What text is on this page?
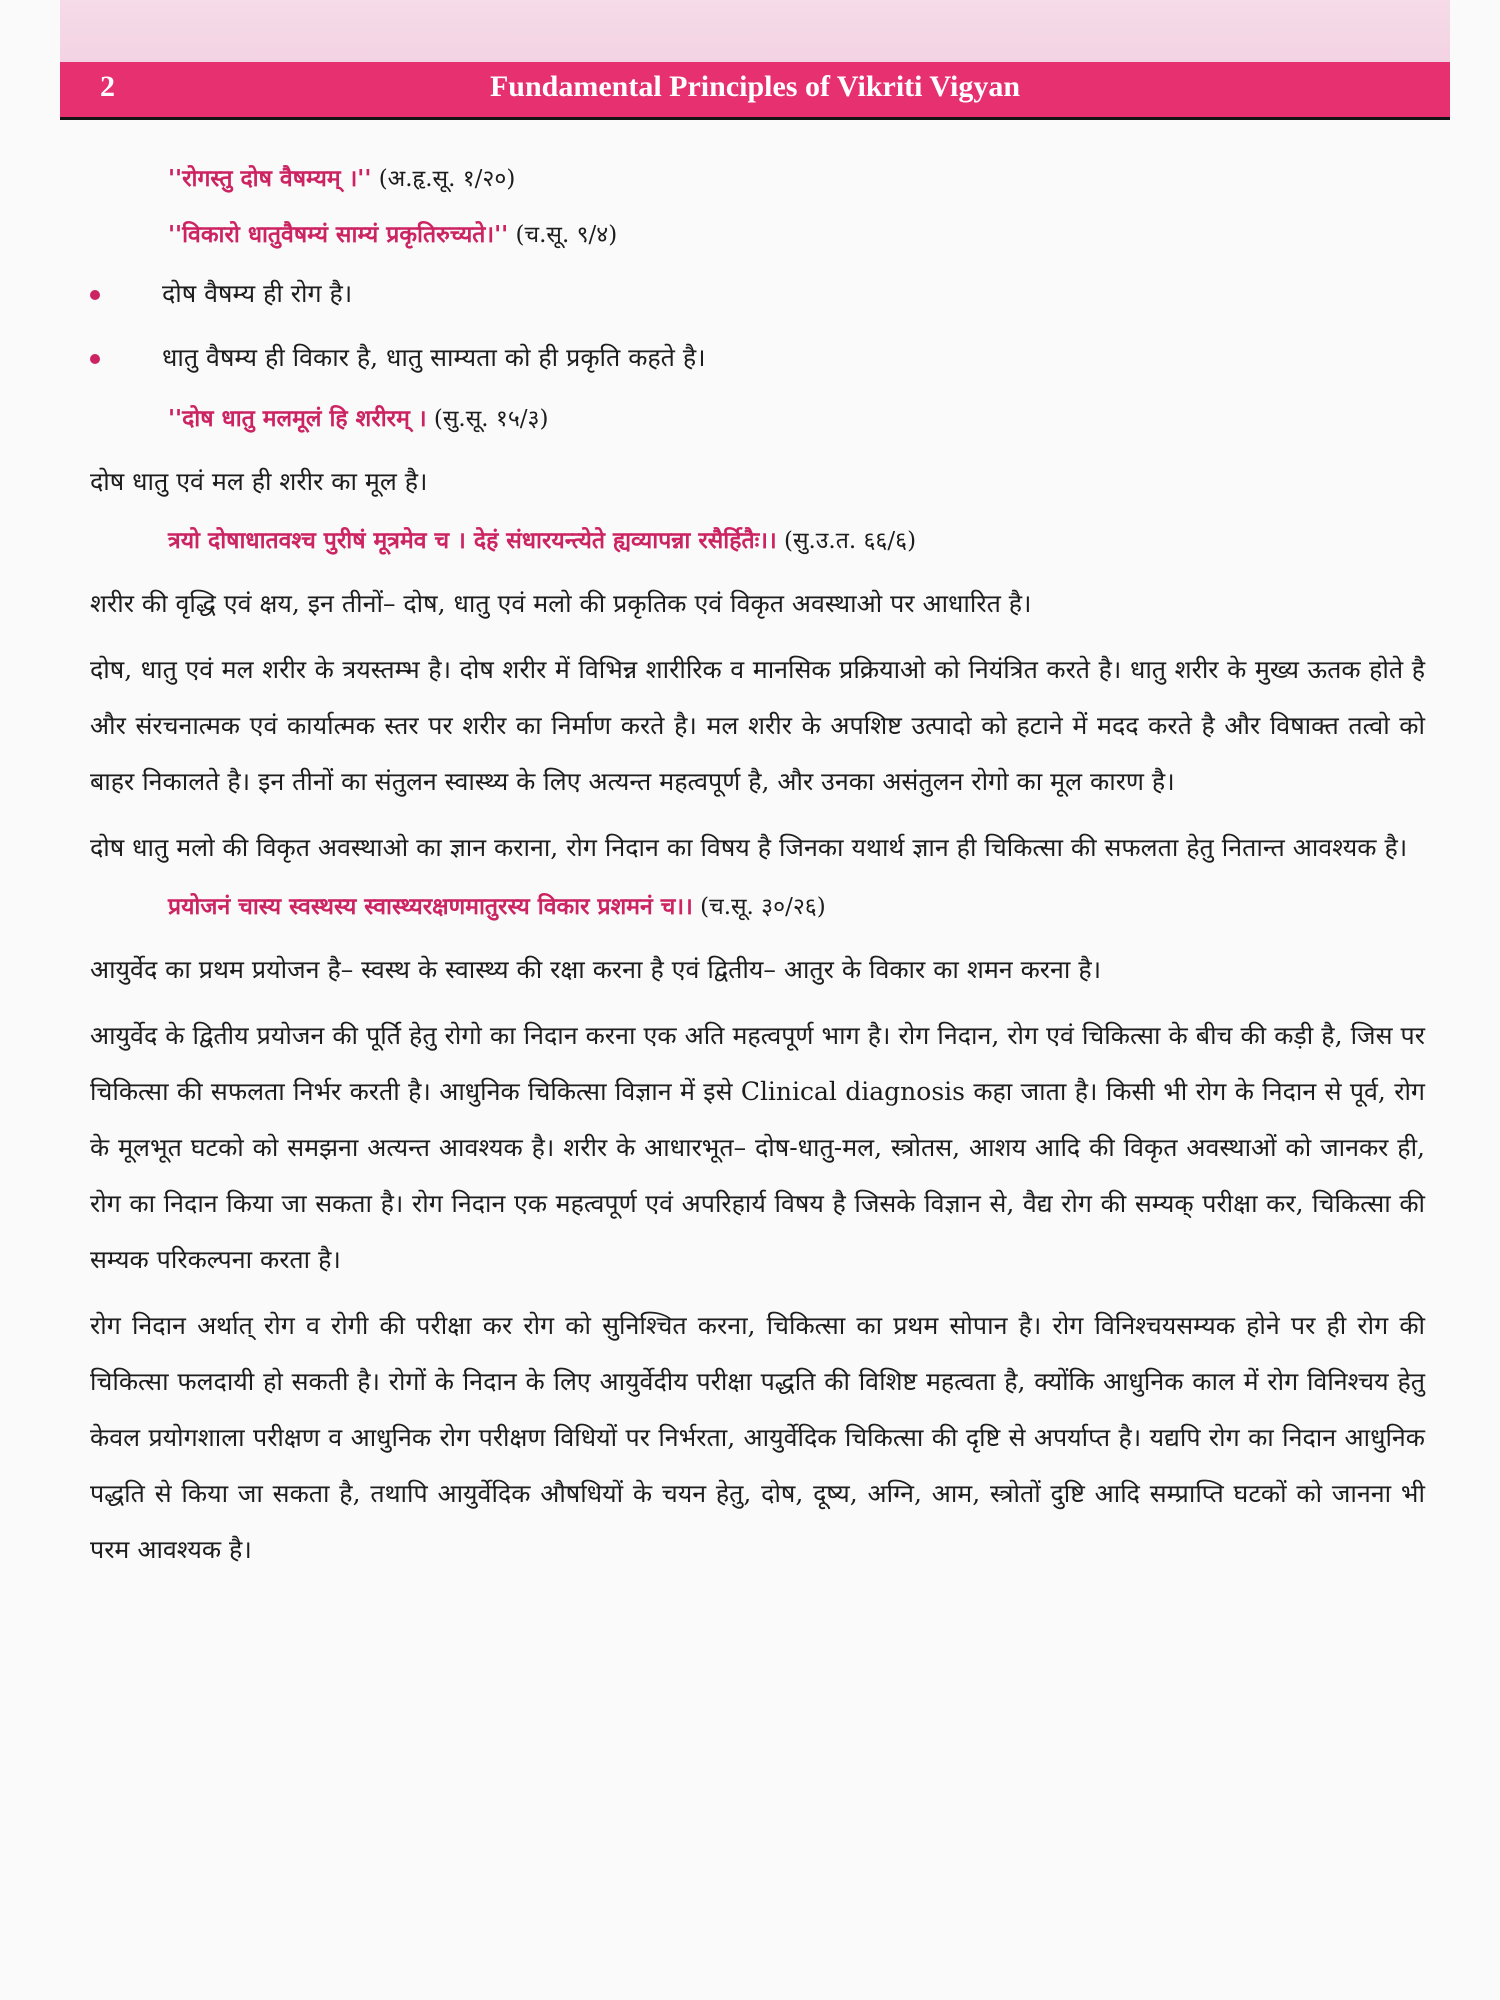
2	Fundamental Principles of Vikriti Vigyan
''रोगस्तु दोष वैषम्यम् ।'' (अ.हृ.सू. १/२०)
''विकारो धातुवैषम्यं साम्यं प्रकृतिरुच्यते।'' (च.सू. ९/४)
दोष वैषम्य ही रोग है।
धातु वैषम्य ही विकार है, धातु साम्यता को ही प्रकृति कहते है।
''दोष धातु मलमूलं हि शरीरम् । (सु.सू. १५/३)

दोष धातु एवं मल ही शरीर का मूल है।

त्रयो दोषाधातवश्च पुरीषं मूत्रमेव च । देहं संधारयन्त्येते ह्यव्यापन्ना रसैर्हितैः।। (सु.उ.त. ६६/६)

शरीर की वृद्धि एवं क्षय, इन तीनों– दोष, धातु एवं मलो की प्रकृतिक एवं विकृत अवस्थाओ पर आधारित है।

दोष, धातु एवं मल शरीर के त्रयस्तम्भ है। दोष शरीर में विभिन्न शारीरिक व मानसिक प्रक्रियाओ को नियंत्रित करते है। धातु शरीर के मुख्य ऊतक होते है और संरचनात्मक एवं कार्यात्मक स्तर पर शरीर का निर्माण करते है। मल शरीर के अपशिष्ट उत्पादो को हटाने में मदद करते है और विषाक्त तत्वो को बाहर निकालते है। इन तीनों का संतुलन स्वास्थ्य के लिए अत्यन्त महत्वपूर्ण है, और उनका असंतुलन रोगो का मूल कारण है।

दोष धातु मलो की विकृत अवस्थाओ का ज्ञान कराना, रोग निदान का विषय है जिनका यथार्थ ज्ञान ही चिकित्सा की सफलता हेतु नितान्त आवश्यक है।

प्रयोजनं चास्य स्वस्थस्य स्वास्थ्यरक्षणमातुरस्य विकार प्रशमनं च।। (च.सू. ३०/२६)

आयुर्वेद का प्रथम प्रयोजन है– स्वस्थ के स्वास्थ्य की रक्षा करना है एवं द्वितीय– आतुर के विकार का शमन करना है।

आयुर्वेद के द्वितीय प्रयोजन की पूर्ति हेतु रोगो का निदान करना एक अति महत्वपूर्ण भाग है। रोग निदान, रोग एवं चिकित्सा के बीच की कड़ी है, जिस पर चिकित्सा की सफलता निर्भर करती है। आधुनिक चिकित्सा विज्ञान में इसे Clinical diagnosis कहा जाता है। किसी भी रोग के निदान से पूर्व, रोग के मूलभूत घटको को समझना अत्यन्त आवश्यक है। शरीर के आधारभूत– दोष-धातु-मल, स्त्रोतस, आशय आदि की विकृत अवस्थाओं को जानकर ही, रोग का निदान किया जा सकता है। रोग निदान एक महत्वपूर्ण एवं अपरिहार्य विषय है जिसके विज्ञान से, वैद्य रोग की सम्यक् परीक्षा कर, चिकित्सा की सम्यक परिकल्पना करता है।

रोग निदान अर्थात् रोग व रोगी की परीक्षा कर रोग को सुनिश्चित करना, चिकित्सा का प्रथम सोपान है। रोग विनिश्चयसम्यक होने पर ही रोग की चिकित्सा फलदायी हो सकती है। रोगों के निदान के लिए आयुर्वेदीय परीक्षा पद्धति की विशिष्ट महत्वता है, क्योंकि आधुनिक काल में रोग विनिश्चय हेतु केवल प्रयोगशाला परीक्षण व आधुनिक रोग परीक्षण विधियों पर निर्भरता, आयुर्वेदिक चिकित्सा की दृष्टि से अपर्याप्त है। यद्यपि रोग का निदान आधुनिक पद्धति से किया जा सकता है, तथापि आयुर्वेदिक औषधियों के चयन हेतु, दोष, दूष्य, अग्नि, आम, स्त्रोतों दुष्टि आदि सम्प्राप्ति घटकों को जानना भी परम आवश्यक है।
